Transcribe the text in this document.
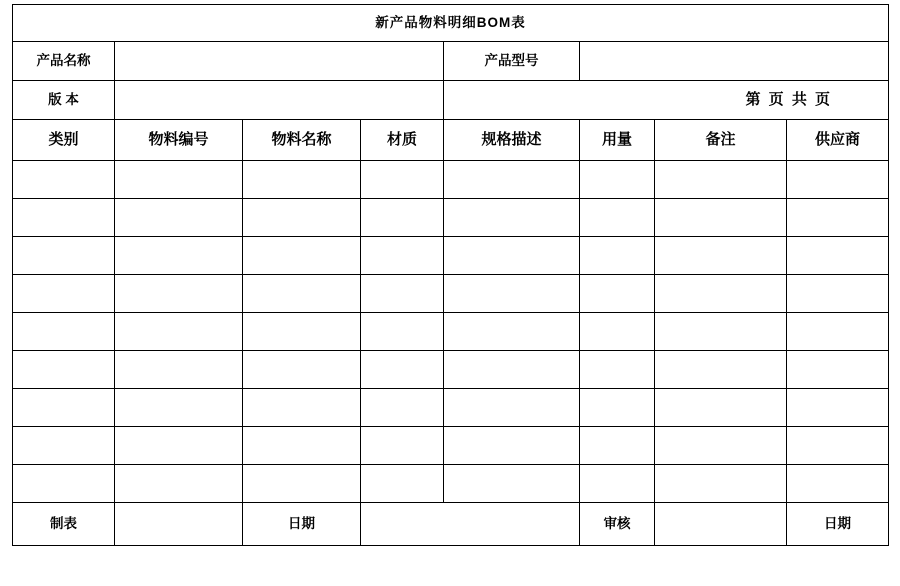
新产品物料明细BOM表							

产品名称				产品型号			
版 本				第 页 共 页			

类别	物料编号	物料名称	材质	规格描述	用量	备注	供应商

制表		日期			审核		日期
